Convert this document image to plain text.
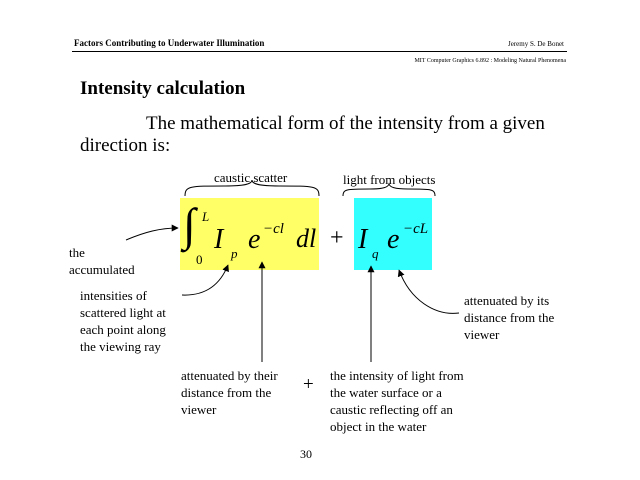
Factors Contributing to Underwater Illumination	Jeremy S. De Bonet
MIT Computer Graphics 6.892 : Modeling Natural Phenomena
Intensity calculation
The mathematical form of the intensity from a given direction is:
caustic scatter	light from objects
∫ L
0
I p e −cl dl + I q e −cL
the
accumulated
intensities of
scattered light at
each point along
the viewing ray
attenuated by their
distance from the
viewer
+ the intensity of light from
the water surface or a
caustic reflecting off an
object in the water
attenuated by its
distance from the
viewer
30
